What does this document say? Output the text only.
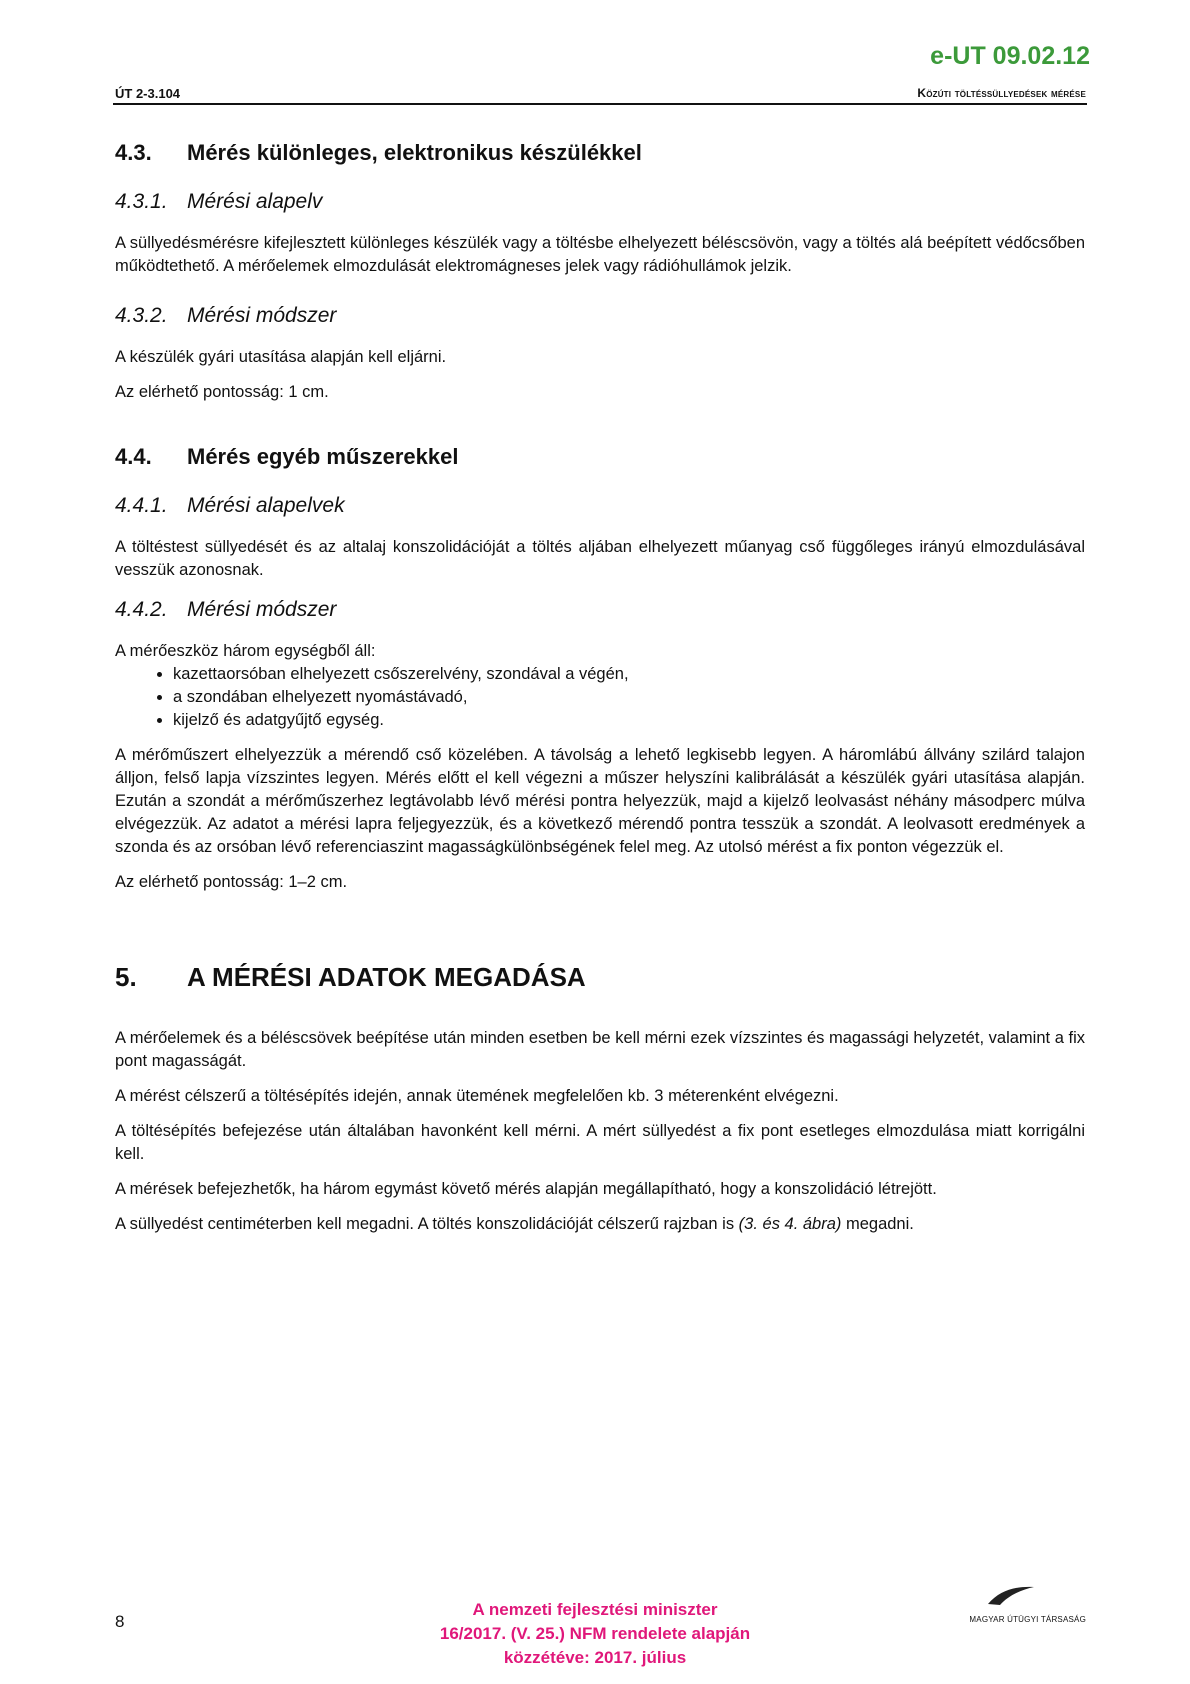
e-UT 09.02.12
ÚT 2-3.104	Közúti töltéssüllyedések mérése
4.3.	Mérés különleges, elektronikus készülékkel
4.3.1. Mérési alapelv

A süllyedésmérésre kifejlesztett különleges készülék vagy a töltésbe elhelyezett béléscsövön, vagy a töltés alá beépített védőcsőben működtethető. A mérőelemek elmozdulását elektromágneses jelek vagy rádióhullámok jelzik.

4.3.2. Mérési módszer

A készülék gyári utasítása alapján kell eljárni.

Az elérhető pontosság: 1 cm.

4.4.	Mérés egyéb műszerekkel
4.4.1. Mérési alapelvek

A töltéstest süllyedését és az altalaj konszolidációját a töltés aljában elhelyezett műanyag cső függőleges irányú elmozdulásával vesszük azonosnak.

4.4.2. Mérési módszer

A mérőeszköz három egységből áll:

• kazettaorsóban elhelyezett csőszerelvény, szondával a végén,
• a szondában elhelyezett nyomástávadó,
• kijelző és adatgyűjtő egység.

A mérőműszert elhelyezzük a mérendő cső közelében. A távolság a lehető legkisebb legyen. A háromlábú állvány szilárd talajon álljon, felső lapja vízszintes legyen. Mérés előtt el kell végezni a műszer helyszíni kalibrálását a készülék gyári utasítása alapján. Ezután a szondát a mérőműszerhez legtávolabb lévő mérési pontra helyezzük, majd a kijelző leolvasást néhány másodperc múlva elvégezzük. Az adatot a mérési lapra feljegyezzük, és a következő mérendő pontra tesszük a szondát. A leolvasott eredmények a szonda és az orsóban lévő referenciaszint magasságkülönbségének felel meg. Az utolsó mérést a fix ponton végezzük el.

Az elérhető pontosság: 1–2 cm.

5.	A MÉRÉSI ADATOK MEGADÁSA

A mérőelemek és a béléscsövek beépítése után minden esetben be kell mérni ezek vízszintes és magassági helyzetét, valamint a fix pont magasságát.

A mérést célszerű a töltésépítés idején, annak ütemének megfelelően kb. 3 méterenként elvégezni.

A töltésépítés befejezése után általában havonként kell mérni. A mért süllyedést a fix pont esetleges elmozdulása miatt korrigálni kell.

A mérések befejezhetők, ha három egymást követő mérés alapján megállapítható, hogy a konszolidáció létrejött.

A süllyedést centiméterben kell megadni. A töltés konszolidációját célszerű rajzban is (3. és 4. ábra) megadni.

8
A nemzeti fejlesztési miniszter
16/2017. (V. 25.) NFM rendelete alapján
közzétéve: 2017. július
MAGYAR ÚTÜGYI TÁRSASÁG
